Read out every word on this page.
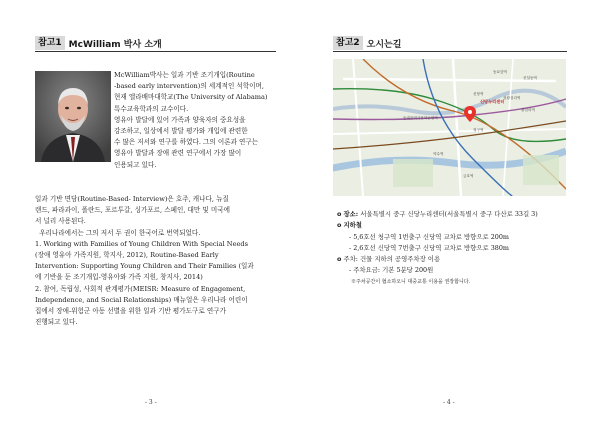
참고1 McWilliam 박사 소개

McWilliam박사는 일과 기반 조기개입(Routine

-based early intervention)의 세계적인 석학이며,

현재 앨라배마대학교(The University of Alabama)

특수교육학과의 교수이다.

영유아 발달에 있어 가족과 양육자의 중요성을

강조하고, 일상에서 발달 평가와 개입에 관련한

수 많은 저서와 연구를 하였다. 그의 이론과 연구는

영유아 발달과 장애 관련 연구에서 가장 많이

인용되고 있다.

일과 기반 면담(Routine-Based- Interview)은 호주, 캐나다, 뉴질

랜드, 파라과이, 폴란드, 포르투갈, 싱가포르, 스페인, 대만 및 미국에

서 널리 사용된다.

우리나라에서는 그의 저서 두 권이 한국어로 번역되었다.

1. Working with Families of Young Children With Special Needs

(장애 영유아 가족지원, 학지사, 2012), Routine-Based Early

Intervention: Supporting Young Children and Their Families (일과

에 기반을 둔 조기개입-영유아와 가족 지원, 창지사, 2014)

2. 참여, 독립성, 사회적 관계평가(MEISR: Measure of Engagement,

Independence, and Social Relationships) 매뉴얼은 우리나라 어린이

집에서 장애-위험군 아동 선별을 위한 일과 기반 평가도구로 연구가

진행되고 있다.

- 3 -
참고2 오시는길
신당역
청구역
동대문역사문화공원역
약수역
금호역
왕십리역
상왕십리역
동묘앞역
신설동역
신당누리센터
o 장소: 서울특별시 중구 신당누리센터(서울특별시 중구 다산로 33길 3)
o 지하철
- 5,6호선 청구역 1번출구 신당역 교차로 방향으로 200m
- 2,6호선 신당역 7번출구 신당역 교차로 방향으로 380m
o 주차: 건물 지하의 공영주차장 이용
- 주차요금: 기본 5분당 200원
※주차공간이 협소하오니 대중교통 이용을 권장합니다.
- 4 -
